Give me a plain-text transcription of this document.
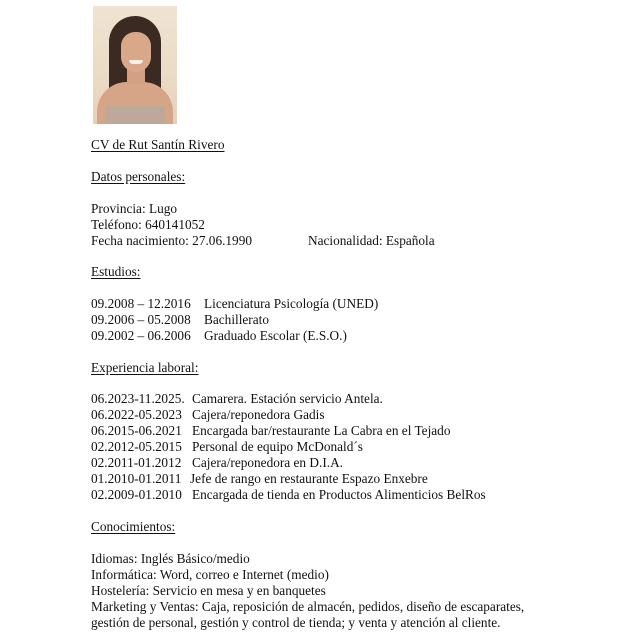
CV de Rut Santín Rivero
Datos personales:
Provincia: Lugo
Teléfono: 640141052
Fecha nacimiento: 27.06.1990	Nacionalidad: Española
Estudios:
09.2008 – 12.2016 Licenciatura Psicología (UNED)
09.2006 – 05.2008 Bachillerato
09.2002 – 06.2006 Graduado Escolar (E.S.O.)
Experiencia laboral:
06.2023-11.2025. Camarera. Estación servicio Antela.
06.2022-05.2023 Cajera/reponedora Gadis
06.2015-06.2021 Encargada bar/restaurante La Cabra en el Tejado
02.2012-05.2015 Personal de equipo McDonald´s
02.2011-01.2012 Cajera/reponedora en D.I.A.
01.2010-01.2011 Jefe de rango en restaurante Espazo Enxebre
02.2009-01.2010 Encargada de tienda en Productos Alimenticios BelRos
Conocimientos:
Idiomas: Inglés Básico/medio
Informática: Word, correo e Internet (medio)
Hostelería: Servicio en mesa y en banquetes
Marketing y Ventas: Caja, reposición de almacén, pedidos, diseño de escaparates,
gestión de personal, gestión y control de tienda; y venta y atención al cliente.
